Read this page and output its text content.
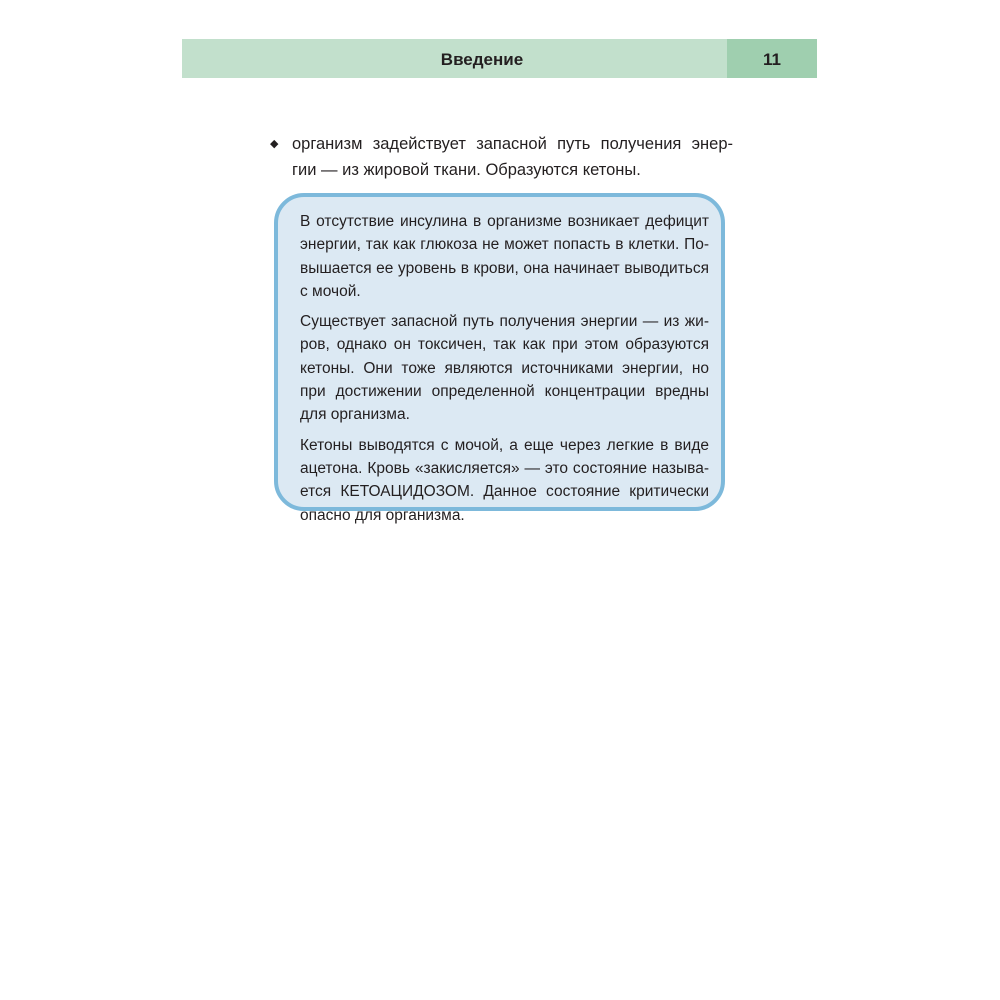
Введение	11
◆ организм задействует запасной путь получения энер-
гии — из жировой ткани. Образуются кетоны.
В отсутствие инсулина в организме возникает дефицит
энергии, так как глюкоза не может попасть в клетки. По-
вышается ее уровень в крови, она начинает выводиться
с мочой.
Существует запасной путь получения энергии — из жи-
ров, однако он токсичен, так как при этом образуются
кетоны. Они тоже являются источниками энергии, но
при достижении определенной концентрации вредны
для организма.
Кетоны выводятся с мочой, а еще через легкие в виде
ацетона. Кровь «закисляется» — это состояние называ-
ется КЕТОАЦИДОЗОМ. Данное состояние критически
опасно для организма.
